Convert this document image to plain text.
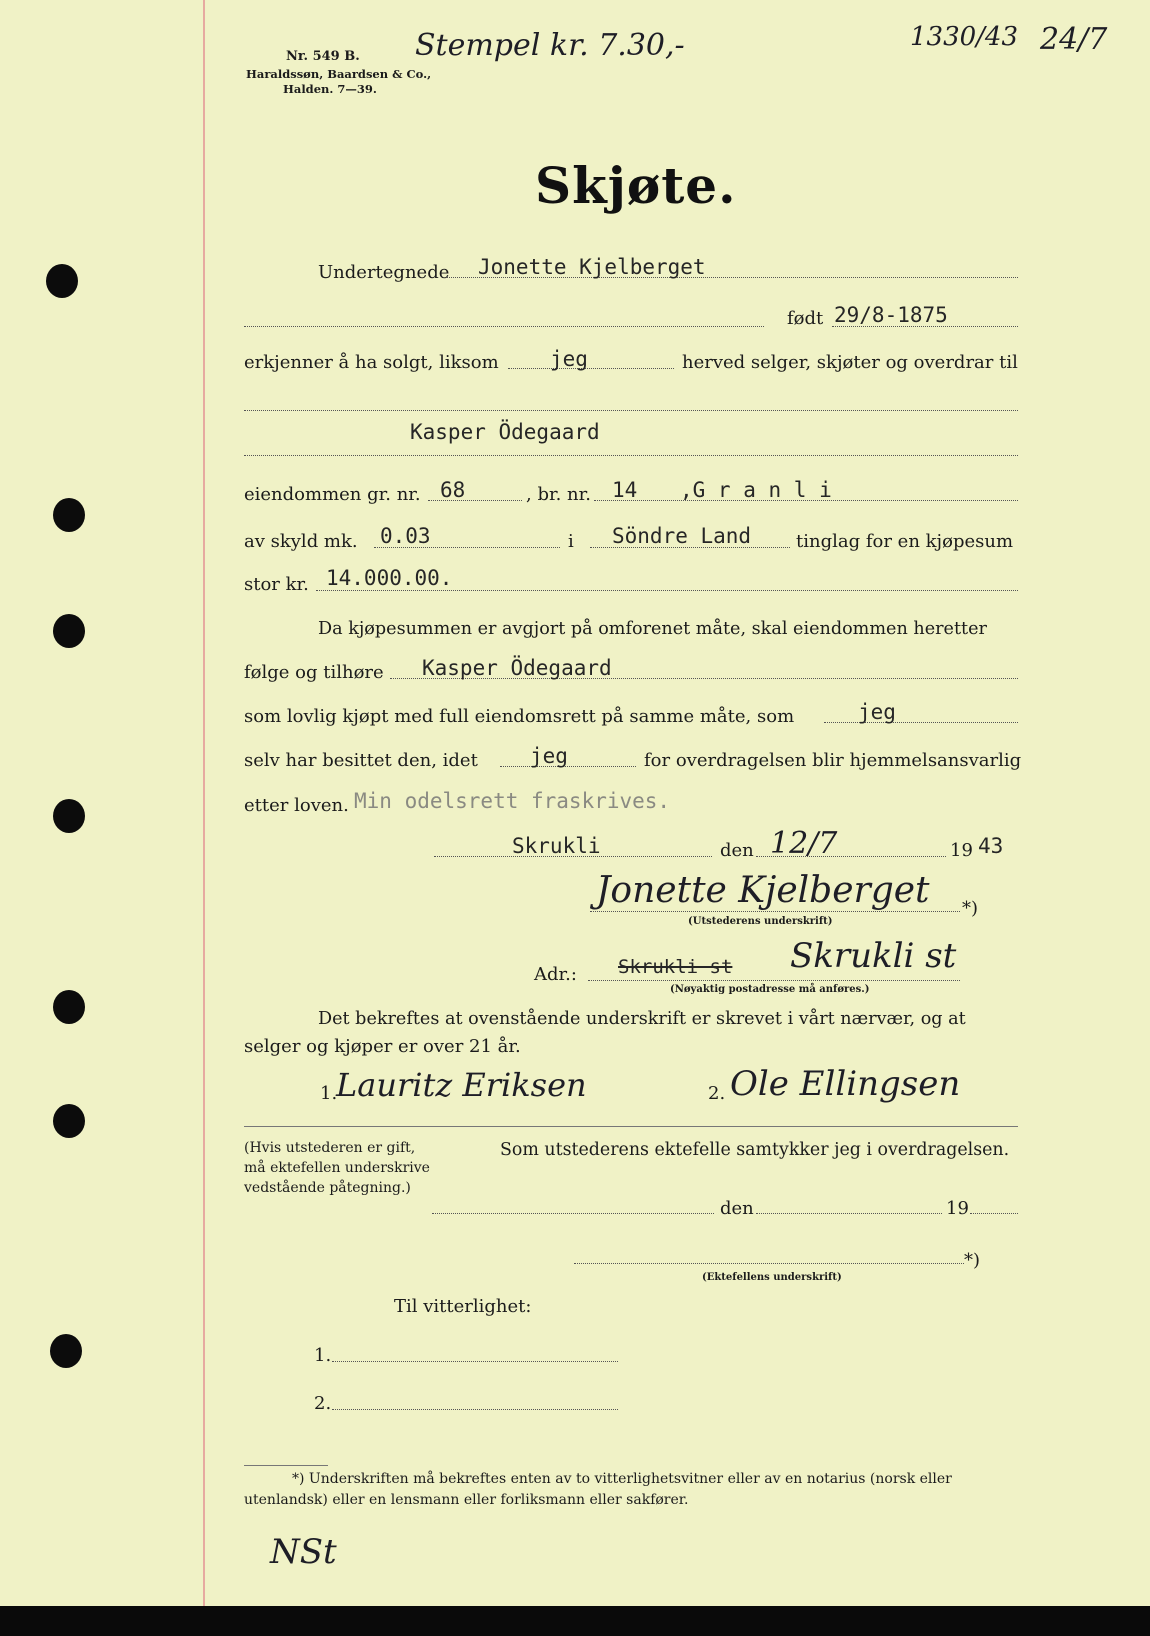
Nr. 549 B.
Haraldssøn, Baardsen & Co.,
Halden. 7—39.
Stempel kr. 7.30,-	1330/43 24/7
Skjøte.
Undertegnede Jonette Kjelberget
født 29/8-1875
erkjenner å ha solgt, liksom jeg	herved selger, skjøter og overdrar til
Kasper Ödegaard
eiendommen gr. nr. 68	, br. nr. 14 ,G r a n l i
av skyld mk. 0.03	i Söndre Land tinglag for en kjøpesum
stor kr. 14.000.00.
Da kjøpesummen er avgjort på omforenet måte, skal eiendommen heretter
følge og tilhøre Kasper Ödegaard
som lovlig kjøpt med full eiendomsrett på samme måte, som	jeg
selv har besittet den, idet jeg	for overdragelsen blir hjemmelsansvarlig
etter loven. Min odelsrett fraskrives.
Skrukli	den 12/7	19 43
Jonette Kjelberget
(Utstederens underskrift)
*)
Adr.: Skrukli st Skrukli st
(Nøyaktig postadresse må anføres.)
Det bekreftes at ovenstående underskrift er skrevet i vårt nærvær, og at
selger og kjøper er over 21 år.
1.
Lauritz Eriksen	2. Ole Ellingsen
(Hvis utstederen er gift,
må ektefellen underskrive
vedstående påtegning.)
Som utstederens ektefelle samtykker jeg i overdragelsen.
den	19
*)
(Ektefellens underskrift)
Til vitterlighet:
1.
2.
*) Underskriften må bekreftes enten av to vitterlighetsvitner eller av en notarius (norsk eller
utenlandsk) eller en lensmann eller forliksmann eller sakfører.
NSt
